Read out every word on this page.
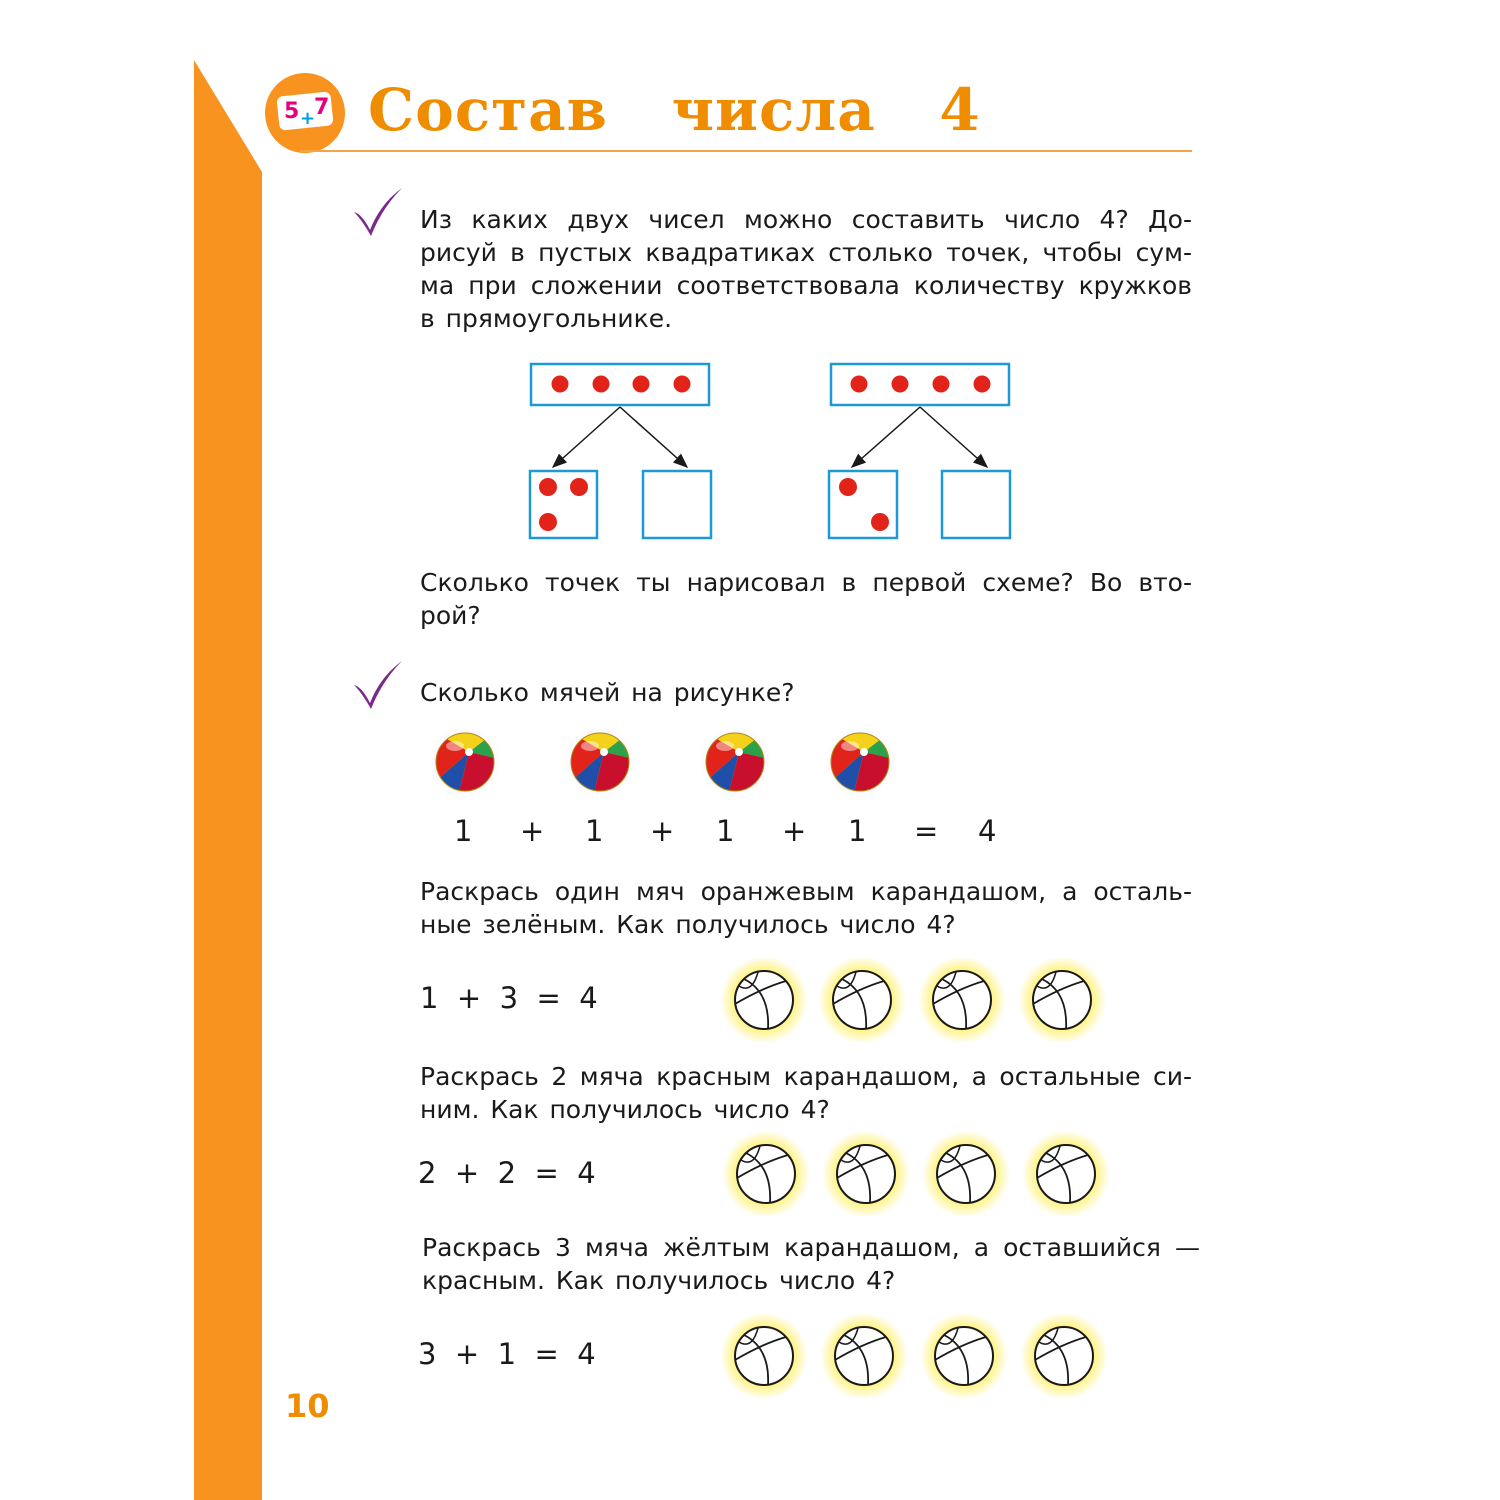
5 +
7 Состав числа 4

Из каких двух чисел можно составить число 4? До-

рисуй в пустых квадратиках столько точек, чтобы сум-

ма при сложении соответствовала количеству кружков

в прямоугольнике.

Сколько точек ты нарисовал в первой схеме? Во вто-

рой?

Сколько мячей на рисунке?

1 + 1 + 1 + 1 = 4

Раскрась один мяч оранжевым карандашом, а осталь-

ные зелёным. Как получилось число 4?

1  +  3  =  4

Раскрась 2 мяча красным карандашом, а остальные си-

ним. Как получилось число 4?

2  +  2  =  4

Раскрась 3 мяча жёлтым карандашом, а оставшийся —

красным. Как получилось число 4?

3  +  1  =  4
10
